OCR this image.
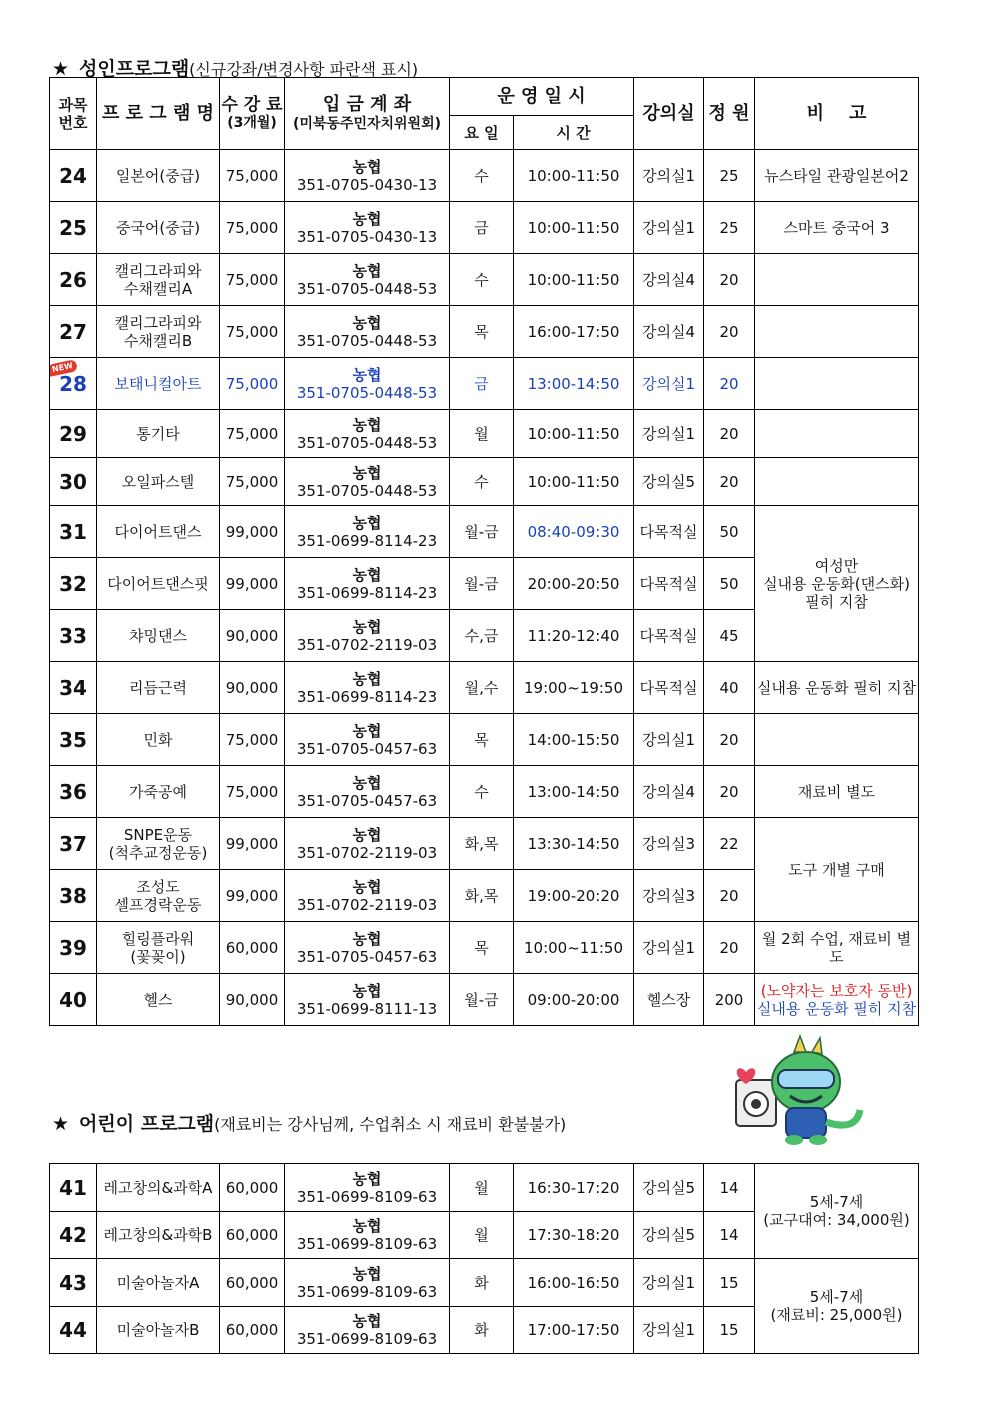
★ 성인프로그램(신규강좌/변경사항 파란색 표시)
과목
번호	프 로 그 램 명	수 강 료
(3개월)	입 금 계 좌
(미북동주민자치위원회)	운 영 일 시		강의실	정 원	비    고
				요 일	시 간			
24	일본어(중급)	75,000	농협
351-0705-0430-13	수	10:00-11:50	강의실1	25	뉴스타일 관광일본어2
25	중국어(중급)	75,000	농협
351-0705-0430-13	금	10:00-11:50	강의실1	25	스마트 중국어 3
26	캘리그라피와
수채캘리A	75,000	농협
351-0705-0448-53	수	10:00-11:50	강의실4	20	
27	캘리그라피와
수채캘리B	75,000	농협
351-0705-0448-53	목	16:00-17:50	강의실4	20	

NEW
28	보태니컬아트	75,000	농협
351-0705-0448-53	금	13:00-14:50	강의실1	20	
29	통기타	75,000	농협
351-0705-0448-53	월	10:00-11:50	강의실1	20	
30	오일파스텔	75,000	농협
351-0705-0448-53	수	10:00-11:50	강의실5	20	
31	다이어트댄스	99,000	농협
351-0699-8114-23	월-금	08:40-09:30	다목적실	50	여성만
실내용 운동화(댄스화)
필히 지참

32	다이어트댄스핏	99,000	농협
351-0699-8114-23	월-금	20:00-20:50	다목적실	50	
33	챠밍댄스	90,000	농협
351-0702-2119-03	수,금	11:20-12:40	다목적실	45	
34	리듬근력	90,000	농협
351-0699-8114-23	월,수	19:00~19:50	다목적실	40	실내용 운동화 필히 지참
35	민화	75,000	농협
351-0705-0457-63	목	14:00-15:50	강의실1	20	
36	가죽공예	75,000	농협
351-0705-0457-63	수	13:00-14:50	강의실4	20	재료비 별도
37	SNPE운동
(척추교정운동)	99,000	농협
351-0702-2119-03	화,목	13:30-14:50	강의실3	22	도구 개별 구매

38	조성도
셀프경락운동	99,000	농협
351-0702-2119-03	화,목	19:00-20:20	강의실3	20	
39	힐링플라워
(꽃꽂이)	60,000	농협
351-0705-0457-63	목	10:00~11:50	강의실1	20	월 2회 수업, 재료비 별도
40	헬스	90,000	농협
351-0699-8111-13	월-금	09:00-20:00	헬스장	200	(노약자는 보호자 동반)
실내용 운동화 필히 지참
★ 어린이 프로그램(재료비는 강사님께, 수업취소 시 재료비 환불불가)
41	레고창의&과학A	60,000	농협
351-0699-8109-63	월	16:30-17:20	강의실5	14	5세-7세
(교구대여: 34,000원)

42	레고창의&과학B	60,000	농협
351-0699-8109-63	월	17:30-18:20	강의실5	14	
43	미술아놀자A	60,000	농협
351-0699-8109-63	화	16:00-16:50	강의실1	15	5세-7세
(재료비: 25,000원)

44	미술아놀자B	60,000	농협
351-0699-8109-63	화	17:00-17:50	강의실1	15	
